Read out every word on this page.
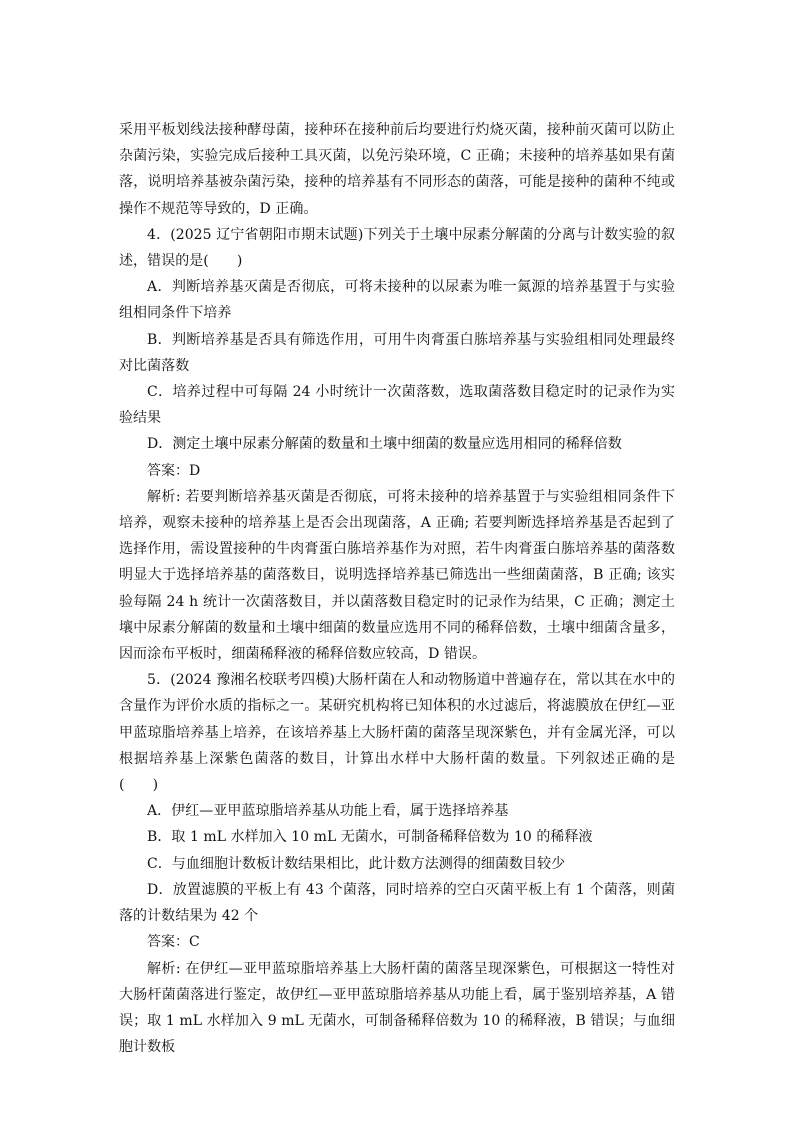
采用平板划线法接种酵母菌，接种环在接种前后均要进行灼烧灭菌，接种前灭菌可以防止杂菌污染，实验完成后接种工具灭菌，以免污染环境，C 正确；未接种的培养基如果有菌落，说明培养基被杂菌污染，接种的培养基有不同形态的菌落，可能是接种的菌种不纯或操作不规范等导致的，D 正确。

4．(2025 辽宁省朝阳市期末试题)下列关于土壤中尿素分解菌的分离与计数实验的叙述，错误的是(　　)

A．判断培养基灭菌是否彻底，可将未接种的以尿素为唯一氮源的培养基置于与实验组相同条件下培养

B．判断培养基是否具有筛选作用，可用牛肉膏蛋白胨培养基与实验组相同处理最终对比菌落数

C．培养过程中可每隔 24 小时统计一次菌落数，选取菌落数目稳定时的记录作为实验结果

D．测定土壤中尿素分解菌的数量和土壤中细菌的数量应选用相同的稀释倍数

答案：D

解析: 若要判断培养基灭菌是否彻底，可将未接种的培养基置于与实验组相同条件下培养，观察未接种的培养基上是否会出现菌落，A 正确; 若要判断选择培养基是否起到了选择作用，需设置接种的牛肉膏蛋白胨培养基作为对照，若牛肉膏蛋白胨培养基的菌落数明显大于选择培养基的菌落数目，说明选择培养基已筛选出一些细菌菌落，B 正确; 该实验每隔 24 h 统计一次菌落数目，并以菌落数目稳定时的记录作为结果，C 正确；测定土壤中尿素分解菌的数量和土壤中细菌的数量应选用不同的稀释倍数，土壤中细菌含量多，因而涂布平板时，细菌稀释液的稀释倍数应较高，D 错误。

5．(2024 豫湘名校联考四模)大肠杆菌在人和动物肠道中普遍存在，常以其在水中的含量作为评价水质的指标之一。某研究机构将已知体积的水过滤后，将滤膜放在伊红—亚甲蓝琼脂培养基上培养，在该培养基上大肠杆菌的菌落呈现深紫色，并有金属光泽，可以根据培养基上深紫色菌落的数目，计算出水样中大肠杆菌的数量。下列叙述正确的是(　　)

A．伊红—亚甲蓝琼脂培养基从功能上看，属于选择培养基

B．取 1 mL 水样加入 10 mL 无菌水，可制备稀释倍数为 10 的稀释液

C．与血细胞计数板计数结果相比，此计数方法测得的细菌数目较少

D．放置滤膜的平板上有 43 个菌落，同时培养的空白灭菌平板上有 1 个菌落，则菌落的计数结果为 42 个

答案：C

解析: 在伊红—亚甲蓝琼脂培养基上大肠杆菌的菌落呈现深紫色，可根据这一特性对大肠杆菌菌落进行鉴定，故伊红—亚甲蓝琼脂培养基从功能上看，属于鉴别培养基，A 错误；取 1 mL 水样加入 9 mL 无菌水，可制备稀释倍数为 10 的稀释液，B 错误；与血细胞计数板
